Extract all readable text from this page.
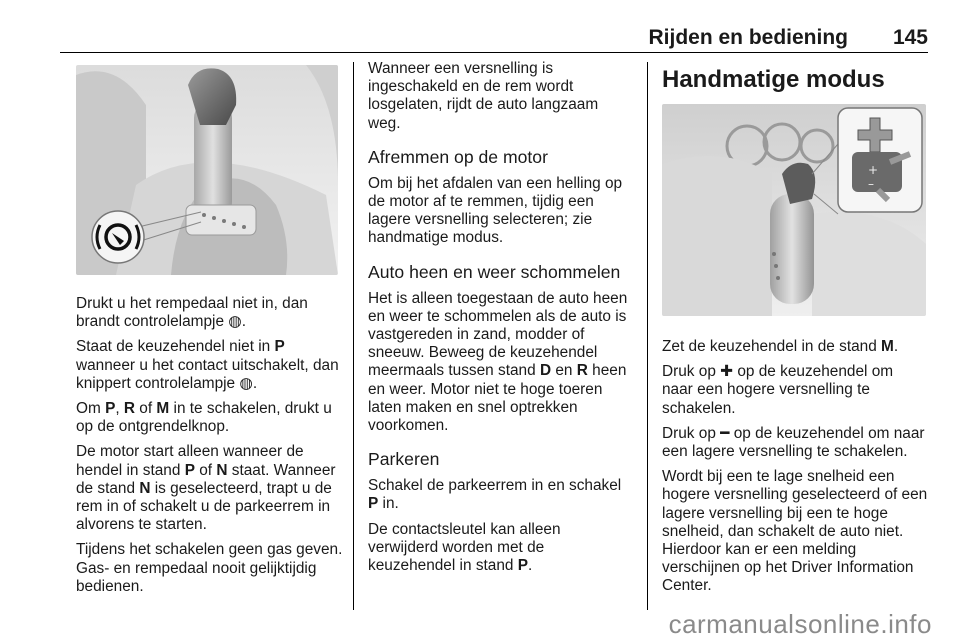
Rijden en bediening 145

Drukt u het rempedaal niet in, dan brandt controlelampje ◍.

Staat de keuzehendel niet in P wanneer u het contact uitschakelt, dan knippert controlelampje ◍.

Om P, R of M in te schakelen, drukt u op de ontgrendelknop.

De motor start alleen wanneer de hendel in stand P of N staat. Wanneer de stand N is geselecteerd, trapt u de rem in of schakelt u de parkeerrem in alvorens te starten.

Tijdens het schakelen geen gas geven. Gas- en rempedaal nooit gelijktijdig bedienen.

Wanneer een versnelling is ingeschakeld en de rem wordt losgelaten, rijdt de auto langzaam weg.

Afremmen op de motor

Om bij het afdalen van een helling op de motor af te remmen, tijdig een lagere versnelling selecteren; zie handmatige modus.

Auto heen en weer schommelen

Het is alleen toegestaan de auto heen en weer te schommelen als de auto is vastgereden in zand, modder of sneeuw. Beweeg de keuzehendel meermaals tussen stand D en R heen en weer. Motor niet te hoge toeren laten maken en snel optrekken voorkomen.

Parkeren

Schakel de parkeerrem in en schakel P in.

De contactsleutel kan alleen verwijderd worden met de keuzehendel in stand P.

Handmatige modus
+
–

Zet de keuzehendel in de stand M.

Druk op ✚ op de keuzehendel om naar een hogere versnelling te schakelen.

Druk op ━ op de keuzehendel om naar een lagere versnelling te schakelen.

Wordt bij een te lage snelheid een hogere versnelling geselecteerd of een lagere versnelling bij een te hoge snelheid, dan schakelt de auto niet. Hierdoor kan er een melding verschijnen op het Driver Information Center.

carmanualsonline.info
